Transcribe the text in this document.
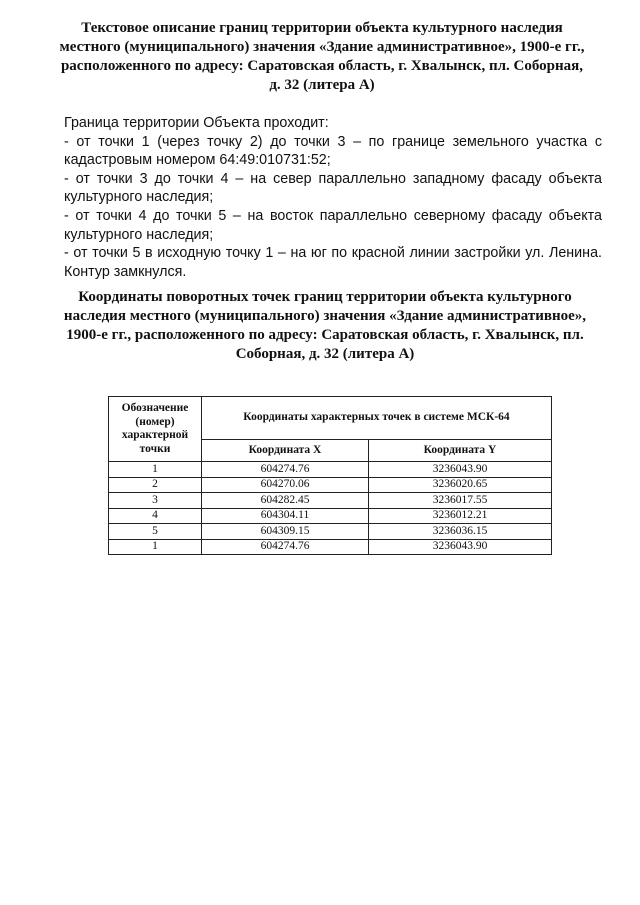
Текстовое описание границ территории объекта культурного наследия местного (муниципального) значения «Здание административное», 1900-е гг., расположенного по адресу: Саратовская область, г. Хвалынск, пл. Соборная, д. 32 (литера А)

Граница территории Объекта проходит:

- от точки 1 (через точку 2) до точки 3 – по границе земельного участка с кадастровым номером 64:49:010731:52;

- от точки 3 до точки 4 – на север параллельно западному фасаду объекта культурного наследия;

- от точки 4 до точки 5 – на восток параллельно северному фасаду объекта культурного наследия;

- от точки 5 в исходную точку 1 – на юг по красной линии застройки ул. Ленина. Контур замкнулся.

Координаты поворотных точек границ территории объекта культурного наследия местного (муниципального) значения «Здание административное», 1900-е гг., расположенного по адресу: Саратовская область, г. Хвалынск, пл. Соборная, д. 32 (литера А)
Обозначение (номер) характерной точки	Координаты характерных точек в системе МСК-64	
	Координата X	Координата Y
1	604274.76	3236043.90
2	604270.06	3236020.65
3	604282.45	3236017.55
4	604304.11	3236012.21
5	604309.15	3236036.15
1	604274.76	3236043.90
